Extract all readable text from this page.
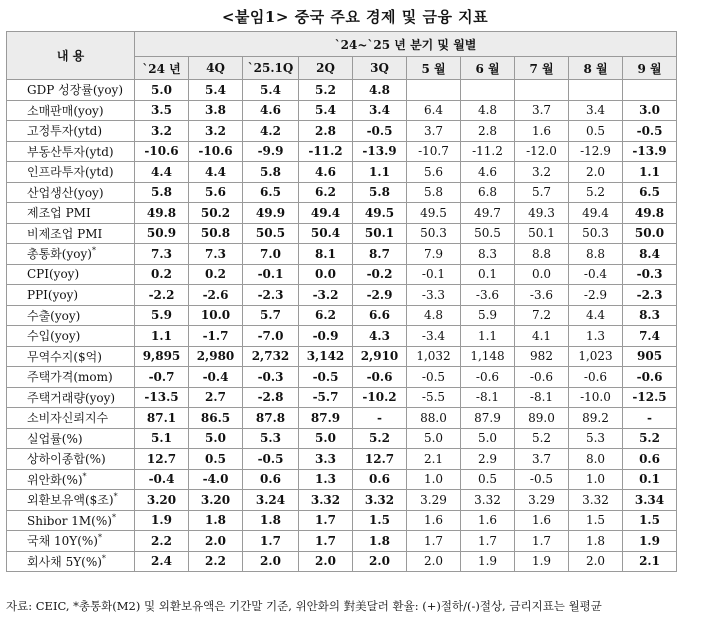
<붙임1> 중국 주요 경제 및 금융 지표
내 용	`24~`25 년 분기 및 월별									
	`24 년	4Q	`25.1Q	2Q	3Q	5 월	6 월	7 월	8 월	9 월
GDP 성장률(yoy)	5.0	5.4	5.4	5.2	4.8					
소매판매(yoy)	3.5	3.8	4.6	5.4	3.4	6.4	4.8	3.7	3.4	3.0
고정투자(ytd)	3.2	3.2	4.2	2.8	-0.5	3.7	2.8	1.6	0.5	-0.5
부동산투자(ytd)	-10.6	-10.6	-9.9	-11.2	-13.9	-10.7	-11.2	-12.0	-12.9	-13.9
인프라투자(ytd)	4.4	4.4	5.8	4.6	1.1	5.6	4.6	3.2	2.0	1.1
산업생산(yoy)	5.8	5.6	6.5	6.2	5.8	5.8	6.8	5.7	5.2	6.5
제조업 PMI	49.8	50.2	49.9	49.4	49.5	49.5	49.7	49.3	49.4	49.8
비제조업 PMI	50.9	50.8	50.5	50.4	50.1	50.3	50.5	50.1	50.3	50.0
총통화(yoy)*	7.3	7.3	7.0	8.1	8.7	7.9	8.3	8.8	8.8	8.4
CPI(yoy)	0.2	0.2	-0.1	0.0	-0.2	-0.1	0.1	0.0	-0.4	-0.3
PPI(yoy)	-2.2	-2.6	-2.3	-3.2	-2.9	-3.3	-3.6	-3.6	-2.9	-2.3
수출(yoy)	5.9	10.0	5.7	6.2	6.6	4.8	5.9	7.2	4.4	8.3
수입(yoy)	1.1	-1.7	-7.0	-0.9	4.3	-3.4	1.1	4.1	1.3	7.4
무역수지($억)	9,895	2,980	2,732	3,142	2,910	1,032	1,148	982	1,023	905
주택가격(mom)	-0.7	-0.4	-0.3	-0.5	-0.6	-0.5	-0.6	-0.6	-0.6	-0.6
주택거래량(yoy)	-13.5	2.7	-2.8	-5.7	-10.2	-5.5	-8.1	-8.1	-10.0	-12.5
소비자신뢰지수	87.1	86.5	87.8	87.9	-	88.0	87.9	89.0	89.2	-
실업률(%)	5.1	5.0	5.3	5.0	5.2	5.0	5.0	5.2	5.3	5.2
상하이종합(%)	12.7	0.5	-0.5	3.3	12.7	2.1	2.9	3.7	8.0	0.6
위안화(%)*	-0.4	-4.0	0.6	1.3	0.6	1.0	0.5	-0.5	1.0	0.1
외환보유액($조)*	3.20	3.20	3.24	3.32	3.32	3.29	3.32	3.29	3.32	3.34
Shibor 1M(%)*	1.9	1.8	1.8	1.7	1.5	1.6	1.6	1.6	1.5	1.5
국채 10Y(%)*	2.2	2.0	1.7	1.7	1.8	1.7	1.7	1.7	1.8	1.9
회사채 5Y(%)*	2.4	2.2	2.0	2.0	2.0	2.0	1.9	1.9	2.0	2.1
자료: CEIC, *총통화(M2) 및 외환보유액은 기간말 기준, 위안화의 對美달러 환율: (+)절하/(-)절상, 금리지표는 월평균
